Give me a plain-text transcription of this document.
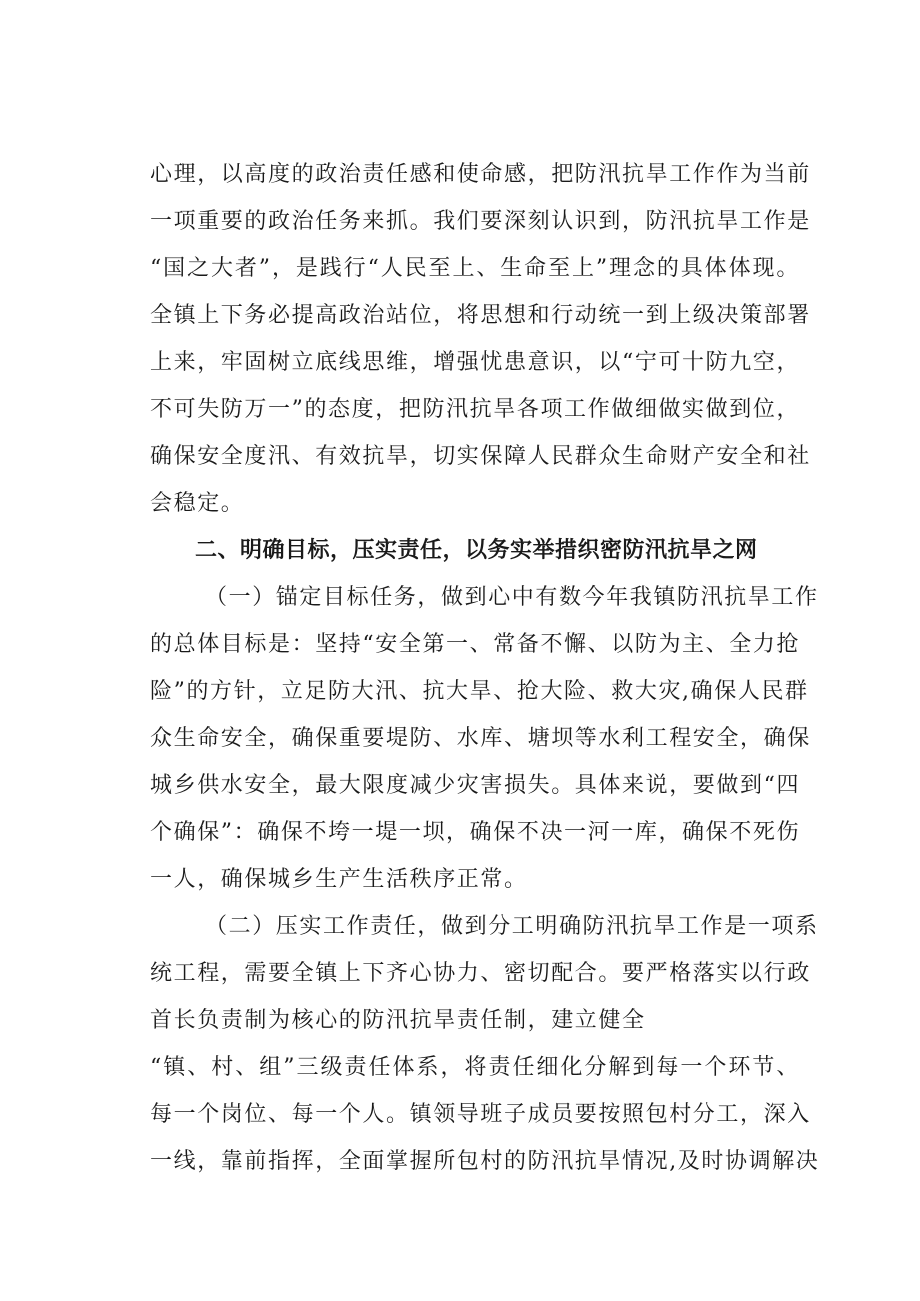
心理，以高度的政治责任感和使命感，把防汛抗旱工作作为当前
一项重要的政治任务来抓。我们要深刻认识到，防汛抗旱工作是
“国之大者”，是践行“人民至上、生命至上”理念的具体体现。
全镇上下务必提高政治站位，将思想和行动统一到上级决策部署
上来，牢固树立底线思维，增强忧患意识，以“宁可十防九空，
不可失防万一”的态度，把防汛抗旱各项工作做细做实做到位，
确保安全度汛、有效抗旱，切实保障人民群众生命财产安全和社
会稳定。
二、明确目标，压实责任，以务实举措织密防汛抗旱之网
（一）锚定目标任务，做到心中有数今年我镇防汛抗旱工作
的总体目标是：坚持“安全第一、常备不懈、以防为主、全力抢
险”的方针，立足防大汛、抗大旱、抢大险、救大灾,确保人民群
众生命安全，确保重要堤防、水库、塘坝等水利工程安全，确保
城乡供水安全，最大限度减少灾害损失。具体来说，要做到“四
个确保”：确保不垮一堤一坝，确保不决一河一库，确保不死伤
一人，确保城乡生产生活秩序正常。
（二）压实工作责任，做到分工明确防汛抗旱工作是一项系
统工程，需要全镇上下齐心协力、密切配合。要严格落实以行政
首长负责制为核心的防汛抗旱责任制，建立健全
“镇、村、组”三级责任体系，将责任细化分解到每一个环节、
每一个岗位、每一个人。镇领导班子成员要按照包村分工，深入
一线，靠前指挥，全面掌握所包村的防汛抗旱情况,及时协调解决
